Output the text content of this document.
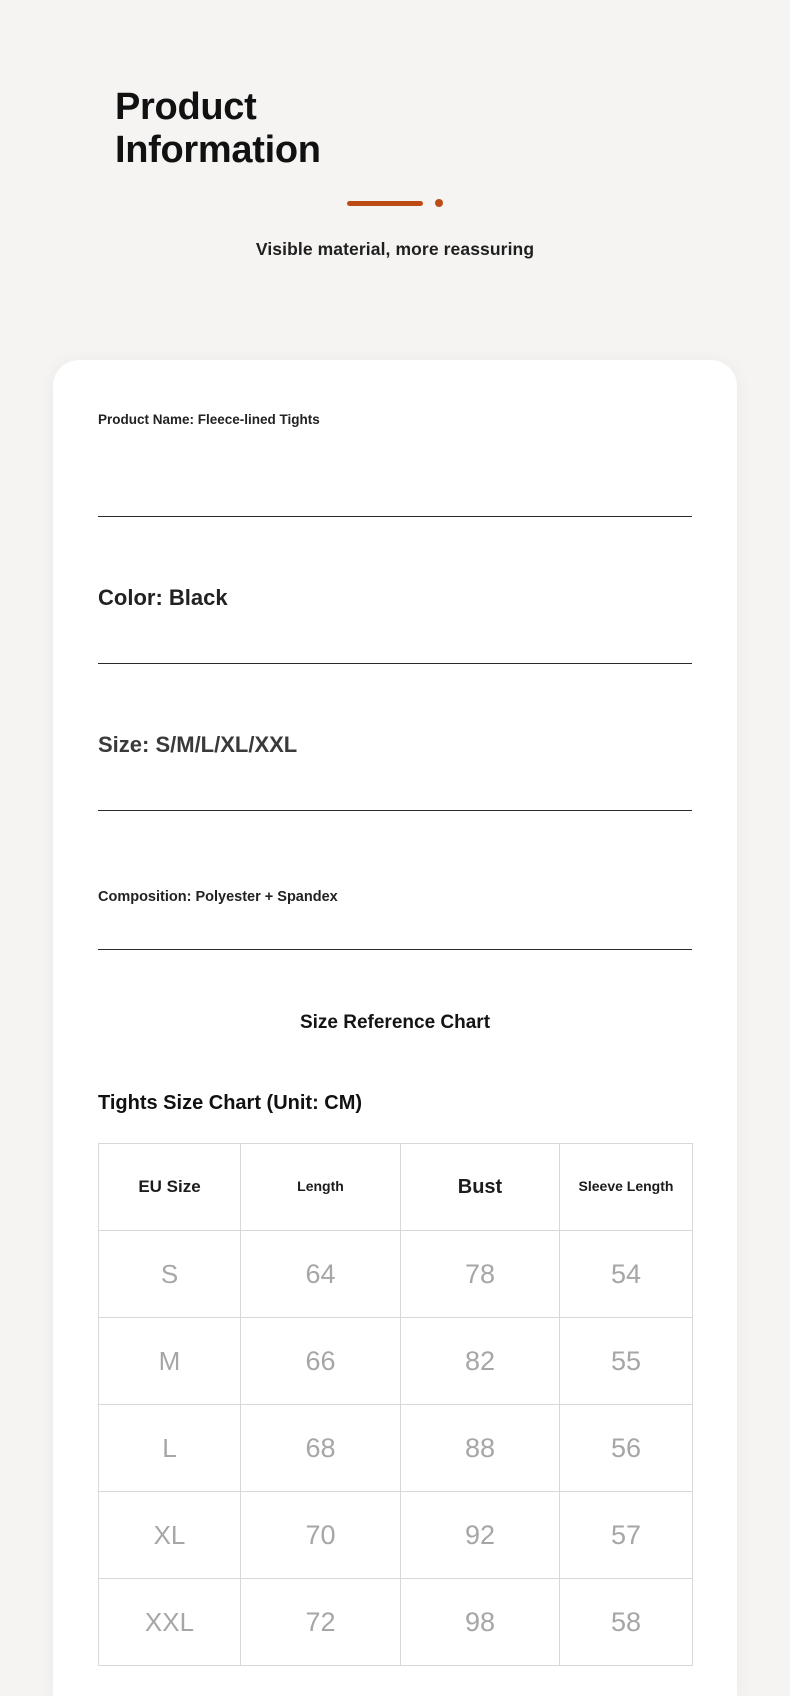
Product
Information
Visible material, more reassuring
Product Name: Fleece-lined Tights
Color: Black
Size: S/M/L/XL/XXL
Composition: Polyester + Spandex
Size Reference Chart
Tights Size Chart (Unit: CM)
EU Size	Length	Bust	Sleeve Length
S	64	78	54
M	66	82	55
L	68	88	56
XL	70	92	57
XXL	72	98	58
